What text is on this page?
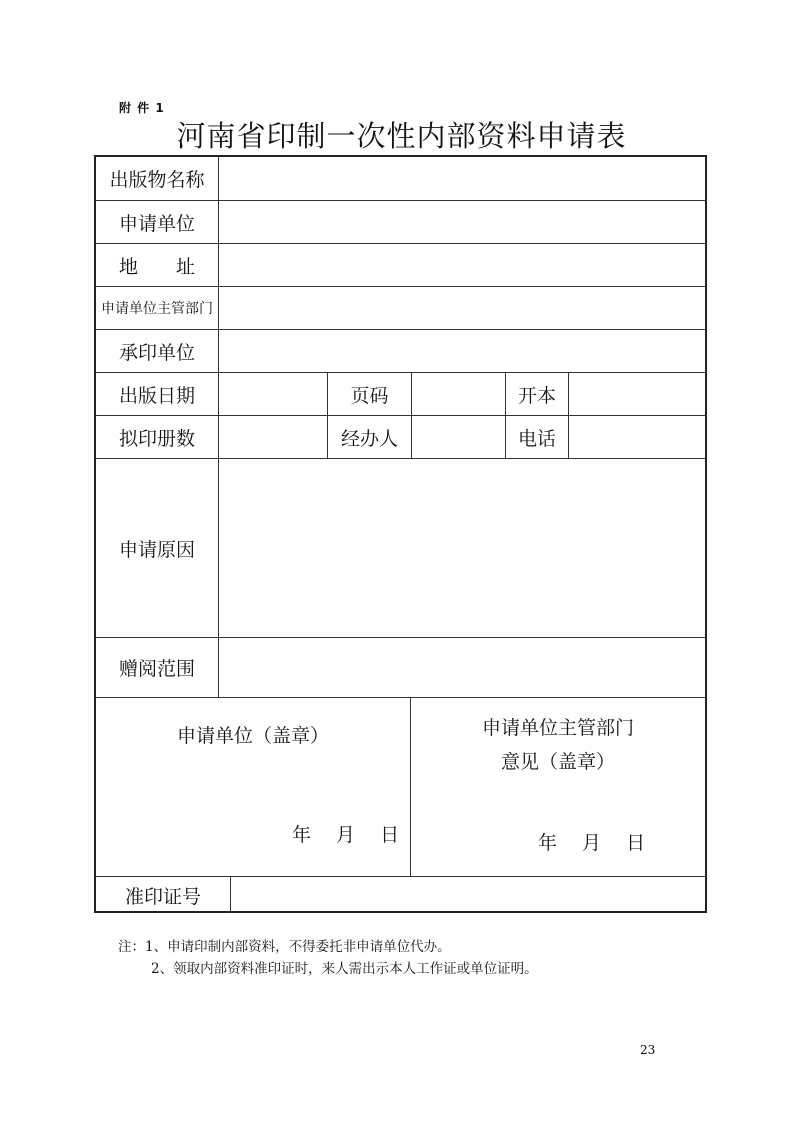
附 件 1
河南省印制一次性内部资料申请表
出版物名称
申请单位
地　　址
申请单位主管部门
承印单位
出版日期	页码	开本
拟印册数	经办人	电话
申请原因
赠阅范围
申请单位（盖章）
年　 月　 日
申请单位主管部门
意见（盖章）
年　 月　 日
准印证号
注：1、申请印制内部资料，不得委托非申请单位代办。
2、领取内部资料准印证时，来人需出示本人工作证或单位证明。
23
